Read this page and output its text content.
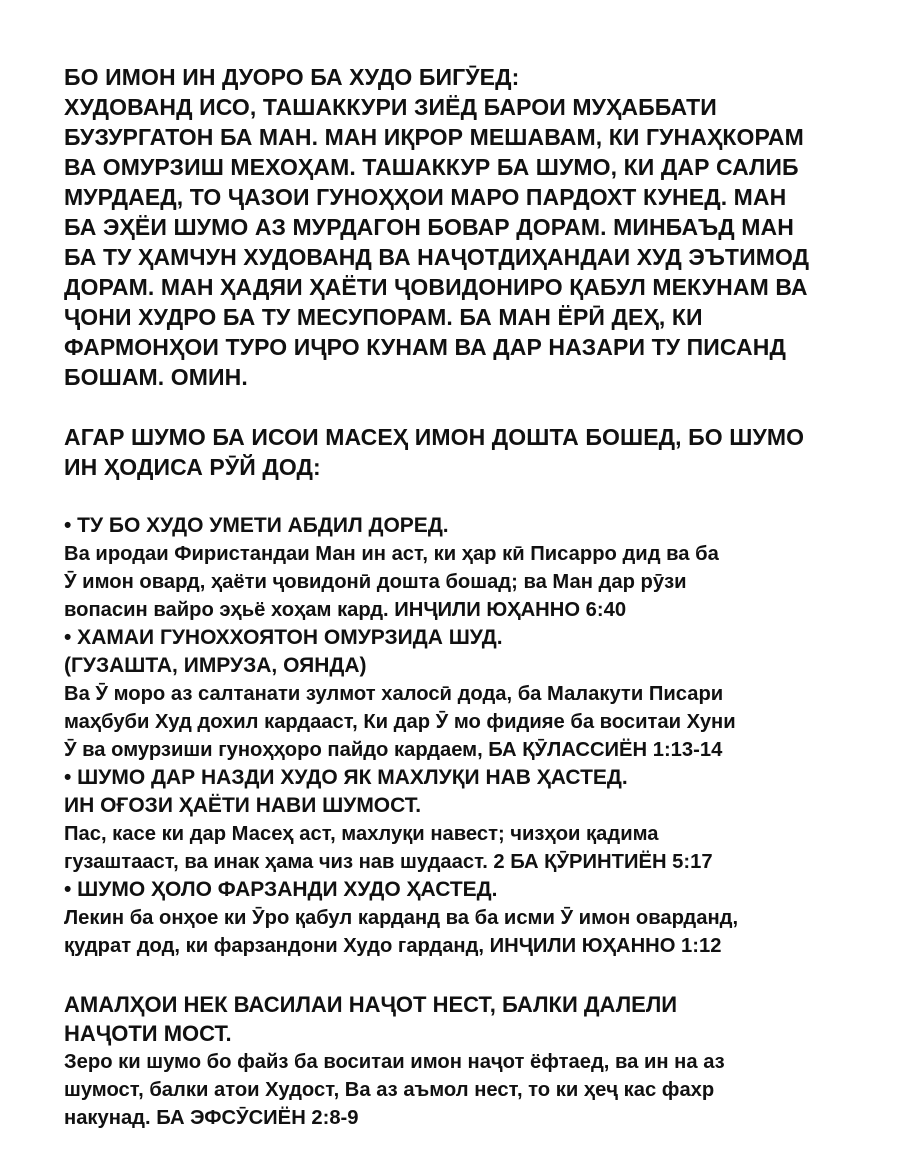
БО ИМОН ИН ДУОРО БА ХУДО БИГӮЕД:

ХУДОВАНД ИСО, ТАШАККУРИ ЗИЁД БАРОИ МУҲАББАТИ

БУЗУРГАТОН БА МАН. МАН ИҚРОР МЕШАВАМ, КИ ГУНАҲКОРАМ

ВА ОМУРЗИШ МЕХОҲАМ. ТАШАККУР БА ШУМО, КИ ДАР САЛИБ

МУРДАЕД, ТО ҶАЗОИ ГУНОҲҲОИ МАРО ПАРДОХТ КУНЕД. МАН

БА ЭҲЁИ ШУМО АЗ МУРДАГОН БОВАР ДОРАМ. МИНБАЪД МАН

БА ТУ ҲАМЧУН ХУДОВАНД ВА НАҶОТДИҲАНДАИ ХУД ЭЪТИМОД

ДОРАМ. МАН ҲАДЯИ ҲАЁТИ ҶОВИДОНИРО ҚАБУЛ МЕКУНАМ ВА

ҶОНИ ХУДРО БА ТУ МЕСУПОРАМ. БА МАН ЁРӢ ДЕҲ, КИ

ФАРМОНҲОИ ТУРО ИҶРО КУНАМ ВА ДАР НАЗАРИ ТУ ПИСАНД

БОШАМ. ОМИН.

АГАР ШУМО БА ИСОИ МАСЕҲ ИМОН ДОШТА БОШЕД, БО ШУМО

ИН ҲОДИСА РӮЙ ДОД:

• ТУ БО ХУДО УМЕТИ АБДИЛ ДОРЕД.

Ва иродаи Фиристандаи Ман ин аст, ки ҳар кӣ Писарро дид ва ба

Ӯ имон овард, ҳаёти ҷовидонӣ дошта бошад; ва Ман дар рӯзи

вопасин вайро эҳьё хоҳам кард. ИНҶИЛИ ЮҲАННО 6:40

• ХАМАИ ГУНОХХОЯТОН ОМУРЗИДА ШУД.

(ГУЗАШТА, ИМРУЗА, ОЯНДА)

Ва Ӯ моро аз салтанати зулмот халосӣ дода, ба Малакути Писари

маҳбуби Худ дохил кардааст, Ки дар Ӯ мо фидияе ба воситаи Хуни

Ӯ ва омурзиши гуноҳҳоро пайдо кардаем, БА ҚӮЛАССИЁН 1:13-14

• ШУМО ДАР НАЗДИ ХУДО ЯК МАХЛУҚИ НАВ ҲАСТЕД.

ИН ОҒОЗИ ҲАЁТИ НАВИ ШУМОСТ.

Пас, касе ки дар Масеҳ аст, махлуқи навест; чизҳои қадима

гузаштааст, ва инак ҳама чиз нав шудааст. 2 БА ҚӮРИНТИЁН 5:17

• ШУМО ҲОЛО ФАРЗАНДИ ХУДО ҲАСТЕД.

Лекин ба онҳое ки Ӯро қабул карданд ва ба исми Ӯ имон оварданд,

қудрат дод, ки фарзандони Худо гарданд, ИНҶИЛИ ЮҲАННО 1:12

АМАЛҲОИ НЕК ВАСИЛАИ НАҶОТ НЕСТ, БАЛКИ ДАЛЕЛИ

НАҶОТИ МОСТ.

Зеро ки шумо бо файз ба воситаи имон наҷот ёфтаед, ва ин на аз

шумост, балки атои Худост, Ва аз аъмол нест, то ки ҳеҷ кас фахр

накунад. БА ЭФСӮСИЁН 2:8-9
